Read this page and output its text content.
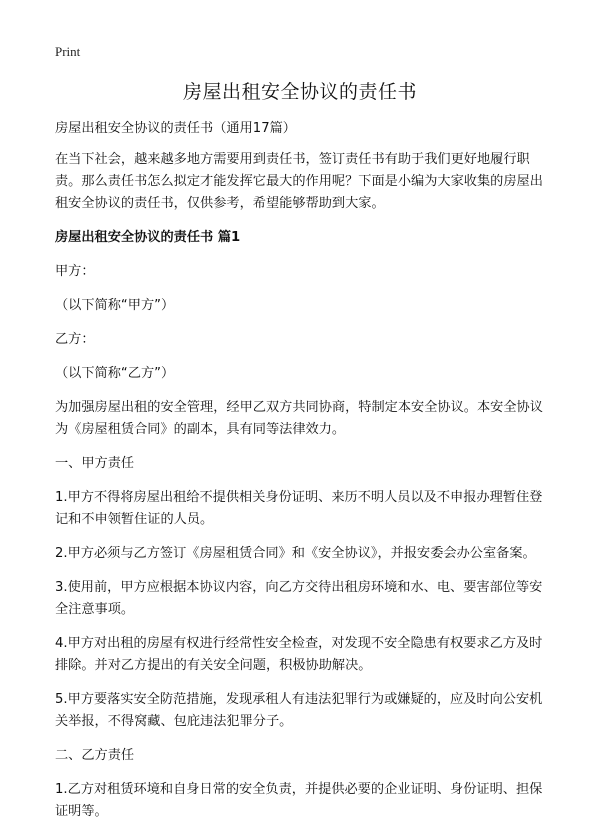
Print
房屋出租安全协议的责任书

房屋出租安全协议的责任书（通用17篇）

在当下社会，越来越多地方需要用到责任书，签订责任书有助于我们更好地履行职责。那么责任书怎么拟定才能发挥它最大的作用呢？下面是小编为大家收集的房屋出租安全协议的责任书，仅供参考，希望能够帮助到大家。

房屋出租安全协议的责任书 篇1

甲方：

（以下简称“甲方”）

乙方：

（以下简称“乙方”）

为加强房屋出租的安全管理，经甲乙双方共同协商，特制定本安全协议。本安全协议为《房屋租赁合同》的副本，具有同等法律效力。

一、甲方责任

1.甲方不得将房屋出租给不提供相关身份证明、来历不明人员以及不申报办理暂住登记和不申领暂住证的人员。

2.甲方必须与乙方签订《房屋租赁合同》和《安全协议》，并报安委会办公室备案。

3.使用前，甲方应根据本协议内容，向乙方交待出租房环境和水、电、要害部位等安全注意事项。

4.甲方对出租的房屋有权进行经常性安全检查，对发现不安全隐患有权要求乙方及时排除。并对乙方提出的有关安全问题，积极协助解决。

5.甲方要落实安全防范措施，发现承租人有违法犯罪行为或嫌疑的，应及时向公安机关举报，不得窝藏、包庇违法犯罪分子。

二、乙方责任

1.乙方对租赁环境和自身日常的安全负责，并提供必要的企业证明、身份证明、担保证明等。
